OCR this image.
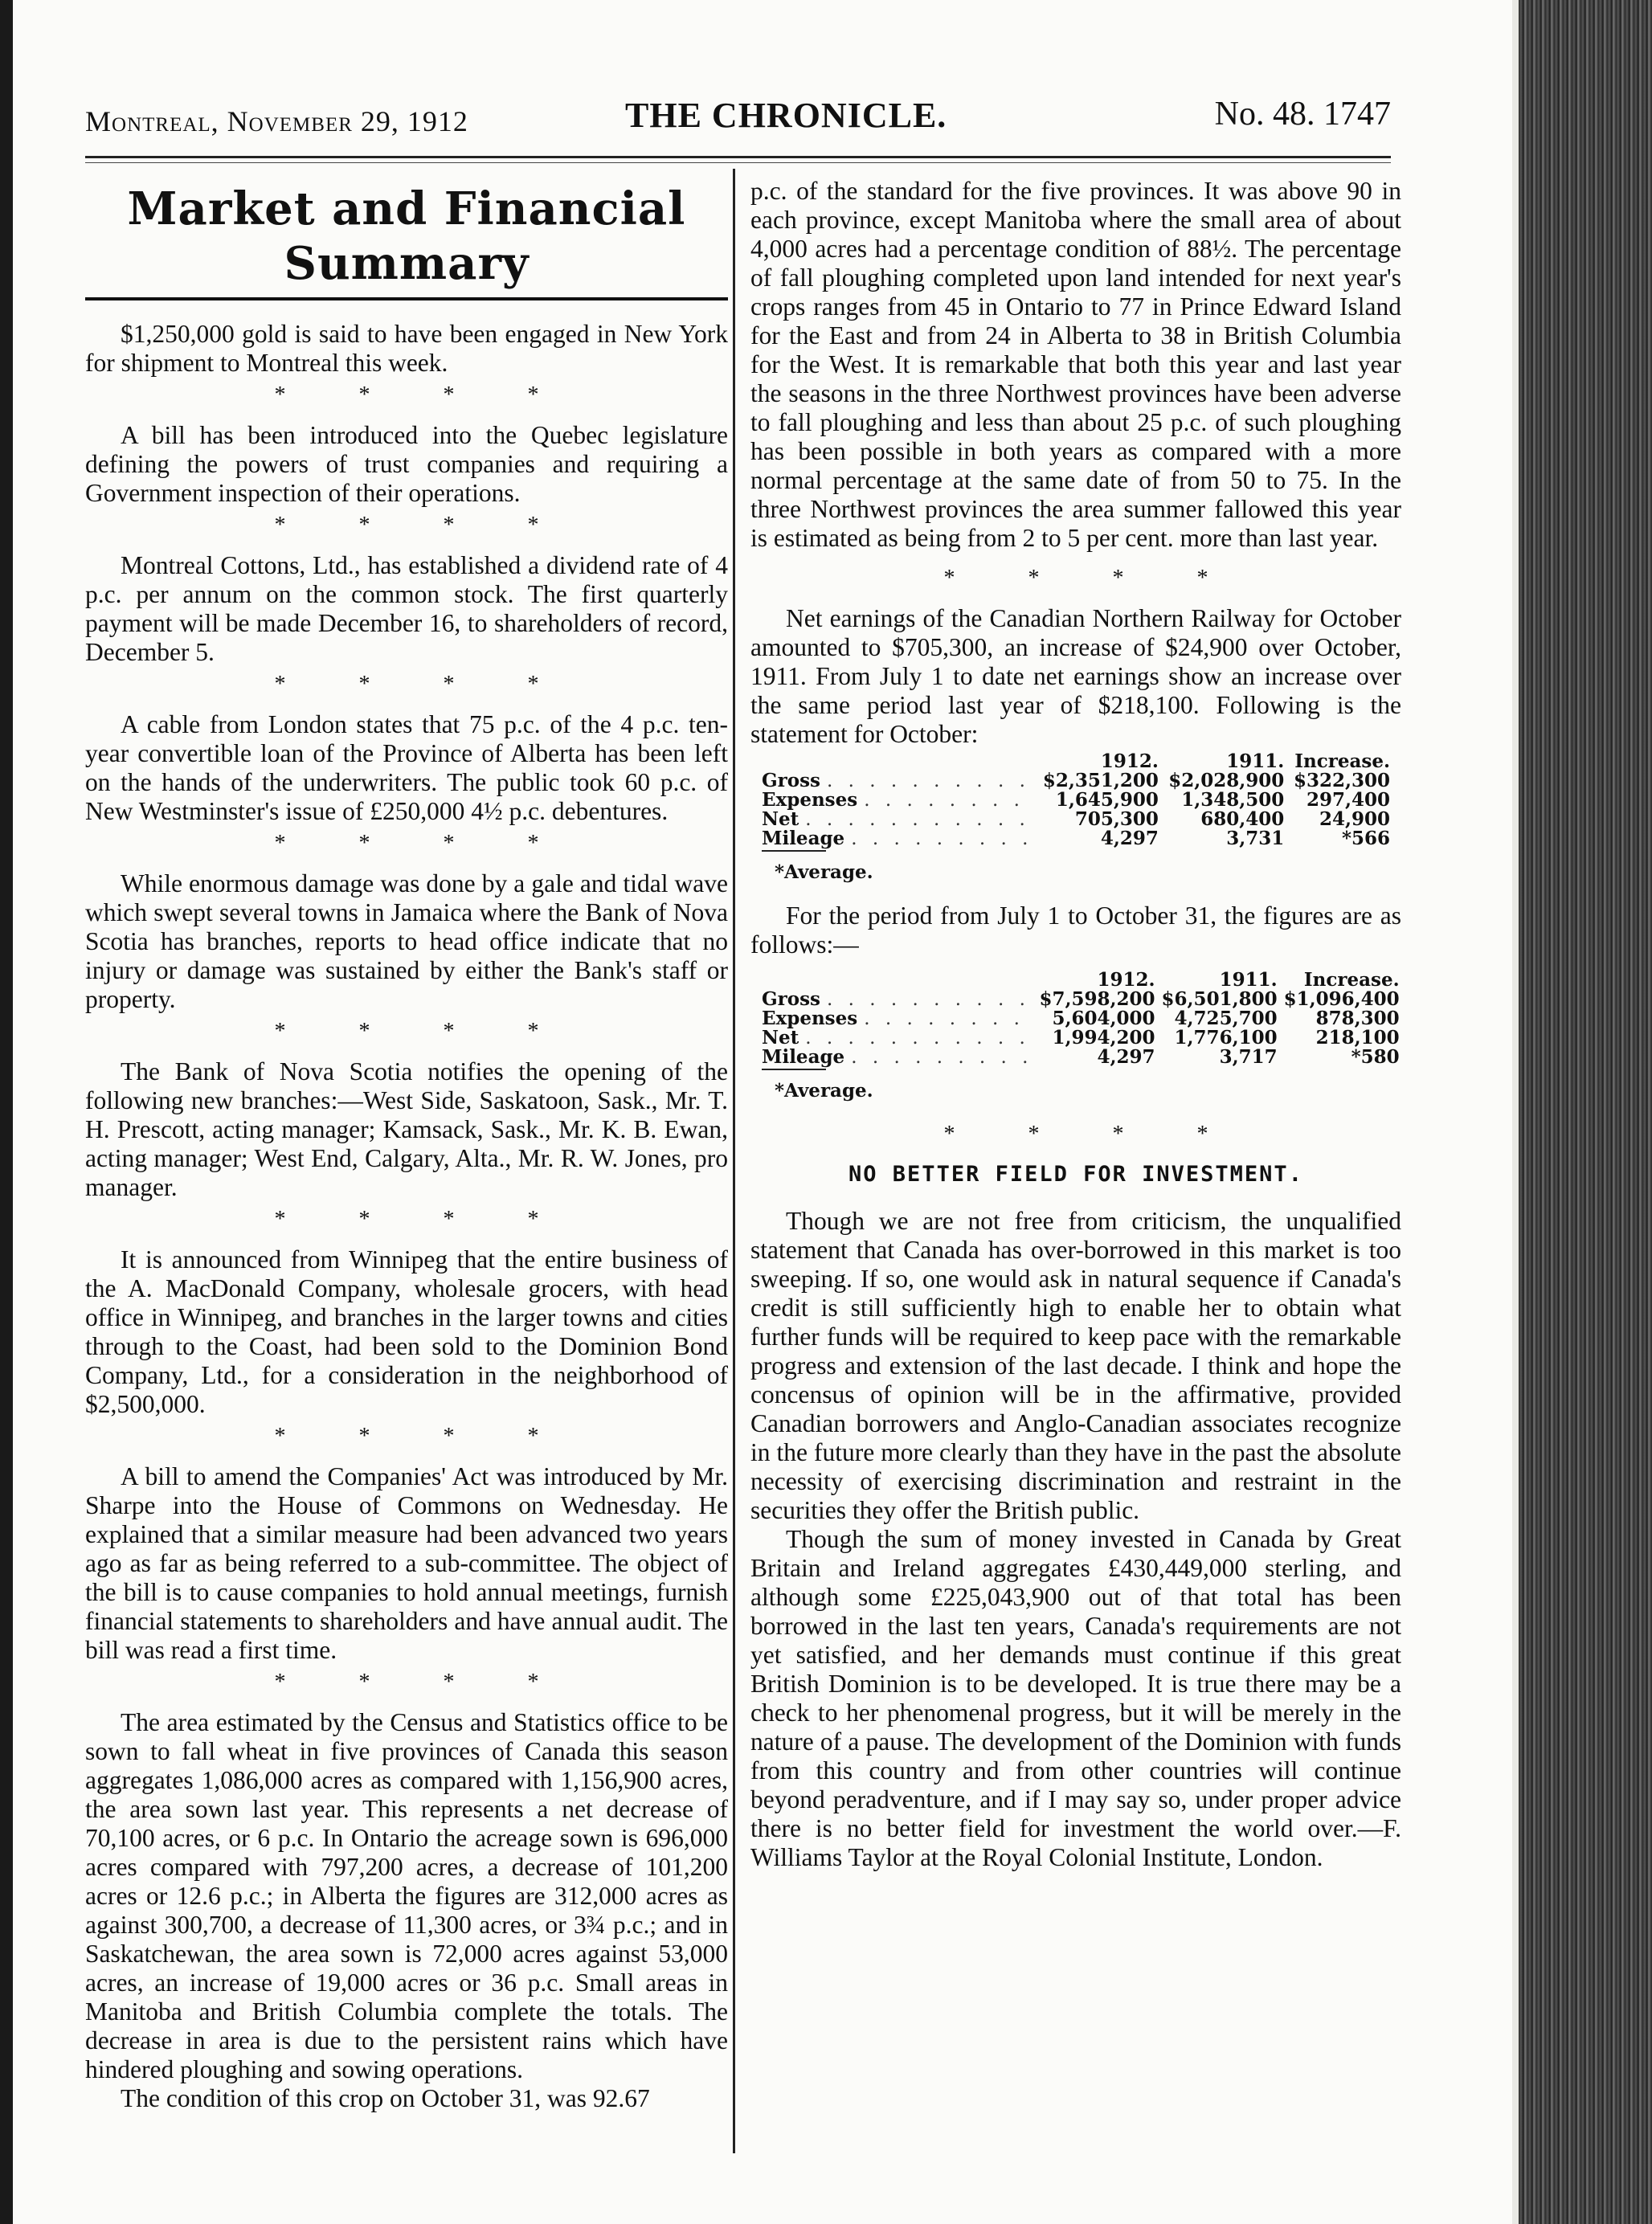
Montreal, November 29, 1912	THE CHRONICLE.	No. 48. 1747
Market and Financial Summary

$1,250,000 gold is said to have been engaged in New York for shipment to Montreal this week.

* * * *

A bill has been introduced into the Quebec legislature defining the powers of trust companies and requiring a Government inspection of their operations.

* * * *

Montreal Cottons, Ltd., has established a dividend rate of 4 p.c. per annum on the common stock. The first quarterly payment will be made December 16, to shareholders of record, December 5.

* * * *

A cable from London states that 75 p.c. of the 4 p.c. ten-year convertible loan of the Province of Alberta has been left on the hands of the underwriters. The public took 60 p.c. of New Westminster's issue of £250,000 4½ p.c. debentures.

* * * *

While enormous damage was done by a gale and tidal wave which swept several towns in Jamaica where the Bank of Nova Scotia has branches, reports to head office indicate that no injury or damage was sustained by either the Bank's staff or property.

* * * *

The Bank of Nova Scotia notifies the opening of the following new branches:—West Side, Saskatoon, Sask., Mr. T. H. Prescott, acting manager; Kamsack, Sask., Mr. K. B. Ewan, acting manager; West End, Calgary, Alta., Mr. R. W. Jones, pro manager.

* * * *

It is announced from Winnipeg that the entire business of the A. MacDonald Company, wholesale grocers, with head office in Winnipeg, and branches in the larger towns and cities through to the Coast, had been sold to the Dominion Bond Company, Ltd., for a consideration in the neighborhood of $2,500,000.

* * * *

A bill to amend the Companies' Act was introduced by Mr. Sharpe into the House of Commons on Wednesday. He explained that a similar measure had been advanced two years ago as far as being referred to a sub-committee. The object of the bill is to cause companies to hold annual meetings, furnish financial statements to shareholders and have annual audit. The bill was read a first time.

* * * *

The area estimated by the Census and Statistics office to be sown to fall wheat in five provinces of Canada this season aggregates 1,086,000 acres as compared with 1,156,900 acres, the area sown last year. This represents a net decrease of 70,100 acres, or 6 p.c. In Ontario the acreage sown is 696,000 acres compared with 797,200 acres, a decrease of 101,200 acres or 12.6 p.c.; in Alberta the figures are 312,000 acres as against 300,700, a decrease of 11,300 acres, or 3¾ p.c.; and in Saskatchewan, the area sown is 72,000 acres against 53,000 acres, an increase of 19,000 acres or 36 p.c. Small areas in Manitoba and British Columbia complete the totals. The decrease in area is due to the persistent rains which have hindered ploughing and sowing operations.

The condition of this crop on October 31, was 92.67

p.c. of the standard for the five provinces. It was above 90 in each province, except Manitoba where the small area of about 4,000 acres had a percentage condition of 88½. The percentage of fall ploughing completed upon land intended for next year's crops ranges from 45 in Ontario to 77 in Prince Edward Island for the East and from 24 in Alberta to 38 in British Columbia for the West. It is remarkable that both this year and last year the seasons in the three Northwest provinces have been adverse to fall ploughing and less than about 25 p.c. of such ploughing has been possible in both years as compared with a more normal percentage at the same date of from 50 to 75. In the three Northwest provinces the area summer fallowed this year is estimated as being from 2 to 5 per cent. more than last year.

* * * *

Net earnings of the Canadian Northern Railway for October amounted to $705,300, an increase of $24,900 over October, 1911. From July 1 to date net earnings show an increase over the same period last year of $218,100. Following is the statement for October:

	1912.	1911.	Increase.
Gross . . . . . . . . . .	$2,351,200	$2,028,900	$322,300
Expenses . . . . . . . .	1,645,900	1,348,500	297,400
Net . . . . . . . . . . .	705,300	680,400	24,900
Mileage . . . . . . . . .	4,297	3,731	*566
*Average.

For the period from July 1 to October 31, the figures are as follows:—

	1912.	1911.	Increase.
Gross . . . . . . . . . .	$7,598,200	$6,501,800	$1,096,400
Expenses . . . . . . . .	5,604,000	4,725,700	878,300
Net . . . . . . . . . . .	1,994,200	1,776,100	218,100
Mileage . . . . . . . . .	4,297	3,717	*580
*Average.
* * * *
NO BETTER FIELD FOR INVESTMENT.

Though we are not free from criticism, the unqualified statement that Canada has over-borrowed in this market is too sweeping. If so, one would ask in natural sequence if Canada's credit is still sufficiently high to enable her to obtain what further funds will be required to keep pace with the remarkable progress and extension of the last decade. I think and hope the concensus of opinion will be in the affirmative, provided Canadian borrowers and Anglo-Canadian associates recognize in the future more clearly than they have in the past the absolute necessity of exercising discrimination and restraint in the securities they offer the British public.

Though the sum of money invested in Canada by Great Britain and Ireland aggregates £430,449,000 sterling, and although some £225,043,900 out of that total has been borrowed in the last ten years, Canada's requirements are not yet satisfied, and her demands must continue if this great British Dominion is to be developed. It is true there may be a check to her phenomenal progress, but it will be merely in the nature of a pause. The development of the Dominion with funds from this country and from other countries will continue beyond peradventure, and if I may say so, under proper advice there is no better field for investment the world over.—F. Williams Taylor at the Royal Colonial Institute, London.
